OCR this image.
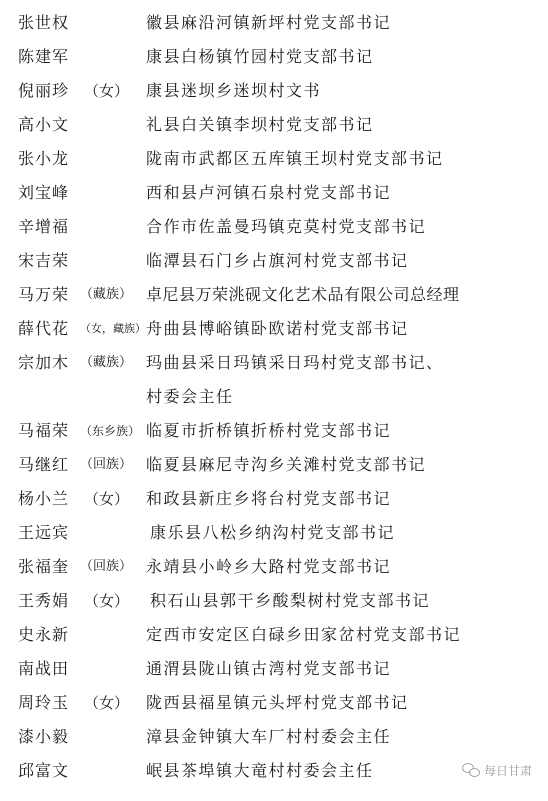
张世权	徽县麻沿河镇新坪村党支部书记
陈建军	康县白杨镇竹园村党支部书记
倪丽珍 （女） 康县迷坝乡迷坝村文书
高小文	礼县白关镇李坝村党支部书记
张小龙	陇南市武都区五库镇王坝村党支部书记
刘宝峰	西和县卢河镇石泉村党支部书记
辛增福	合作市佐盖曼玛镇克莫村党支部书记
宋吉荣	临潭县石门乡占旗河村党支部书记
马万荣 （藏族） 卓尼县万荣洮砚文化艺术品有限公司总经理
薛代花 （女，藏族） 舟曲县博峪镇卧欧诺村党支部书记
宗加木 （藏族） 玛曲县采日玛镇采日玛村党支部书记、
村委会主任
马福荣 （东乡族） 临夏市折桥镇折桥村党支部书记
马继红 （回族） 临夏县麻尼寺沟乡关滩村党支部书记
杨小兰 （女） 和政县新庄乡将台村党支部书记
王远宾	康乐县八松乡纳沟村党支部书记
张福奎 （回族） 永靖县小岭乡大路村党支部书记
王秀娟 （女） 积石山县郭干乡酸梨树村党支部书记
史永新	定西市安定区白碌乡田家岔村党支部书记
南战田	通渭县陇山镇古湾村党支部书记
周玲玉 （女） 陇西县福星镇元头坪村党支部书记
漆小毅	漳县金钟镇大车厂村村委会主任
邱富文	岷县茶埠镇大竜村村委会主任	每日甘肃
